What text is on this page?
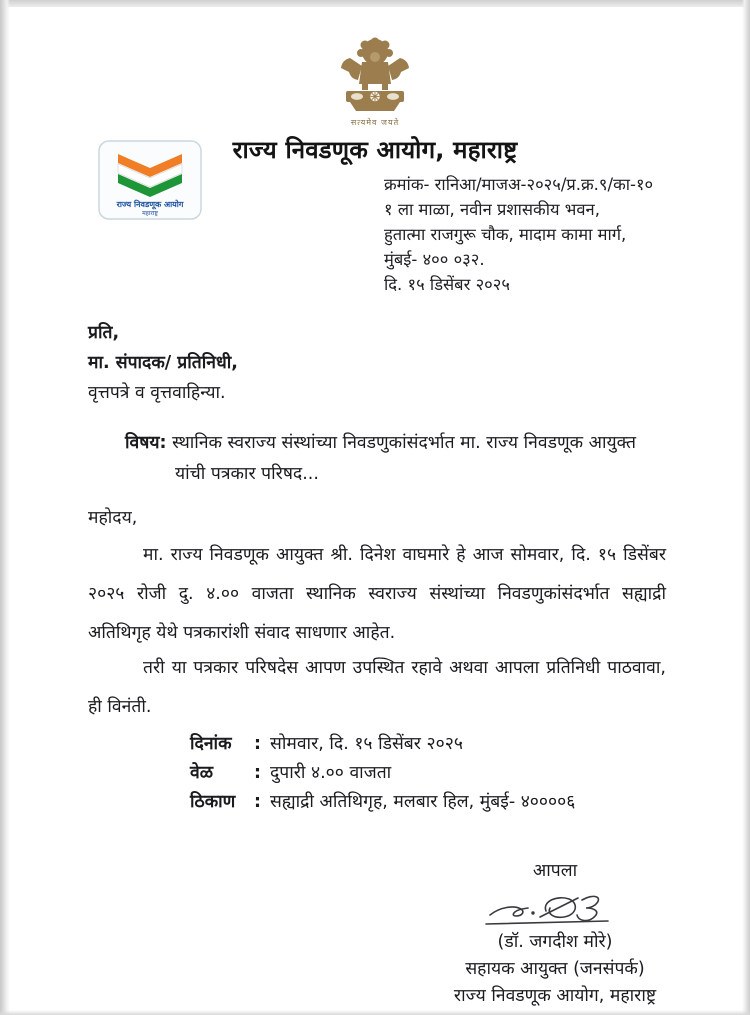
सत्यमेव जयते
राज्य निवडणूक आयोग, महाराष्ट्र
राज्य निवडणूक आयोग
महाराष्ट्र
क्रमांक- रानिआ/माजअ-२०२५/प्र.क्र.९/का-१०
१ ला माळा, नवीन प्रशासकीय भवन,
हुतात्मा राजगुरू चौक, मादाम कामा मार्ग,
मुंबई- ४०० ०३२.
दि. १५ डिसेंबर २०२५
प्रति,
मा. संपादक/ प्रतिनिधी,
वृत्तपत्रे व वृत्तवाहिन्या.
विषय: स्थानिक स्वराज्य संस्थांच्या निवडणुकांसंदर्भात मा. राज्य निवडणूक आयुक्त
यांची पत्रकार परिषद...
महोदय,
मा. राज्य निवडणूक आयुक्त श्री. दिनेश वाघमारे हे आज सोमवार, दि. १५ डिसेंबर २०२५ रोजी दु. ४.०० वाजता स्थानिक स्वराज्य संस्थांच्या निवडणुकांसंदर्भात सह्याद्री अतिथिगृह येथे पत्रकारांशी संवाद साधणार आहेत.
तरी या पत्रकार परिषदेस आपण उपस्थित रहावे अथवा आपला प्रतिनिधी पाठवावा, ही विनंती.
दिनांक	: सोमवार, दि. १५ डिसेंबर २०२५
वेळ	: दुपारी ४.०० वाजता
ठिकाण	: सह्याद्री अतिथिगृह, मलबार हिल, मुंबई- ४००००६
आपला
(डॉ. जगदीश मोरे)
सहायक आयुक्त (जनसंपर्क)
राज्य निवडणूक आयोग, महाराष्ट्र
